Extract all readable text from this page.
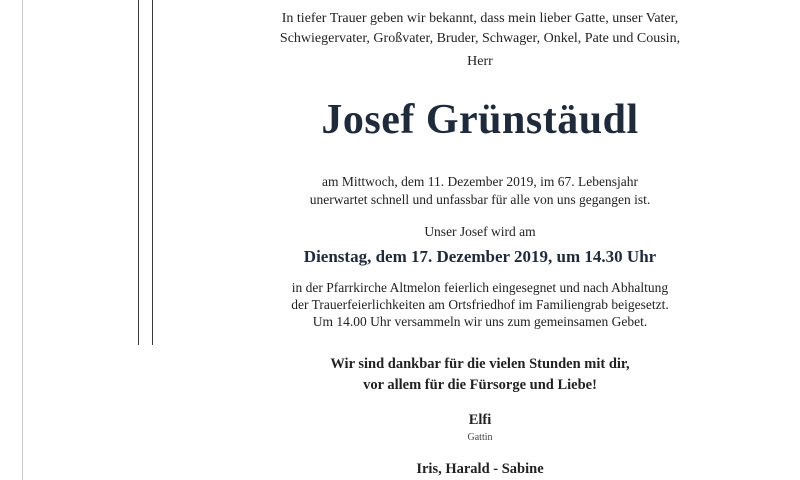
In tiefer Trauer geben wir bekannt, dass mein lieber Gatte, unser Vater,
Schwiegervater, Großvater, Bruder, Schwager, Onkel, Pate und Cousin,
Herr
Josef Grünstäudl
am Mittwoch, dem 11. Dezember 2019, im 67. Lebensjahr
unerwartet schnell und unfassbar für alle von uns gegangen ist.
Unser Josef wird am
Dienstag, dem 17. Dezember 2019, um 14.30 Uhr
in der Pfarrkirche Altmelon feierlich eingesegnet und nach Abhaltung
der Trauerfeierlichkeiten am Ortsfriedhof im Familiengrab beigesetzt.
Um 14.00 Uhr versammeln wir uns zum gemeinsamen Gebet.
Wir sind dankbar für die vielen Stunden mit dir,
vor allem für die Fürsorge und Liebe!
Elfi
Gattin
Iris, Harald - Sabine
